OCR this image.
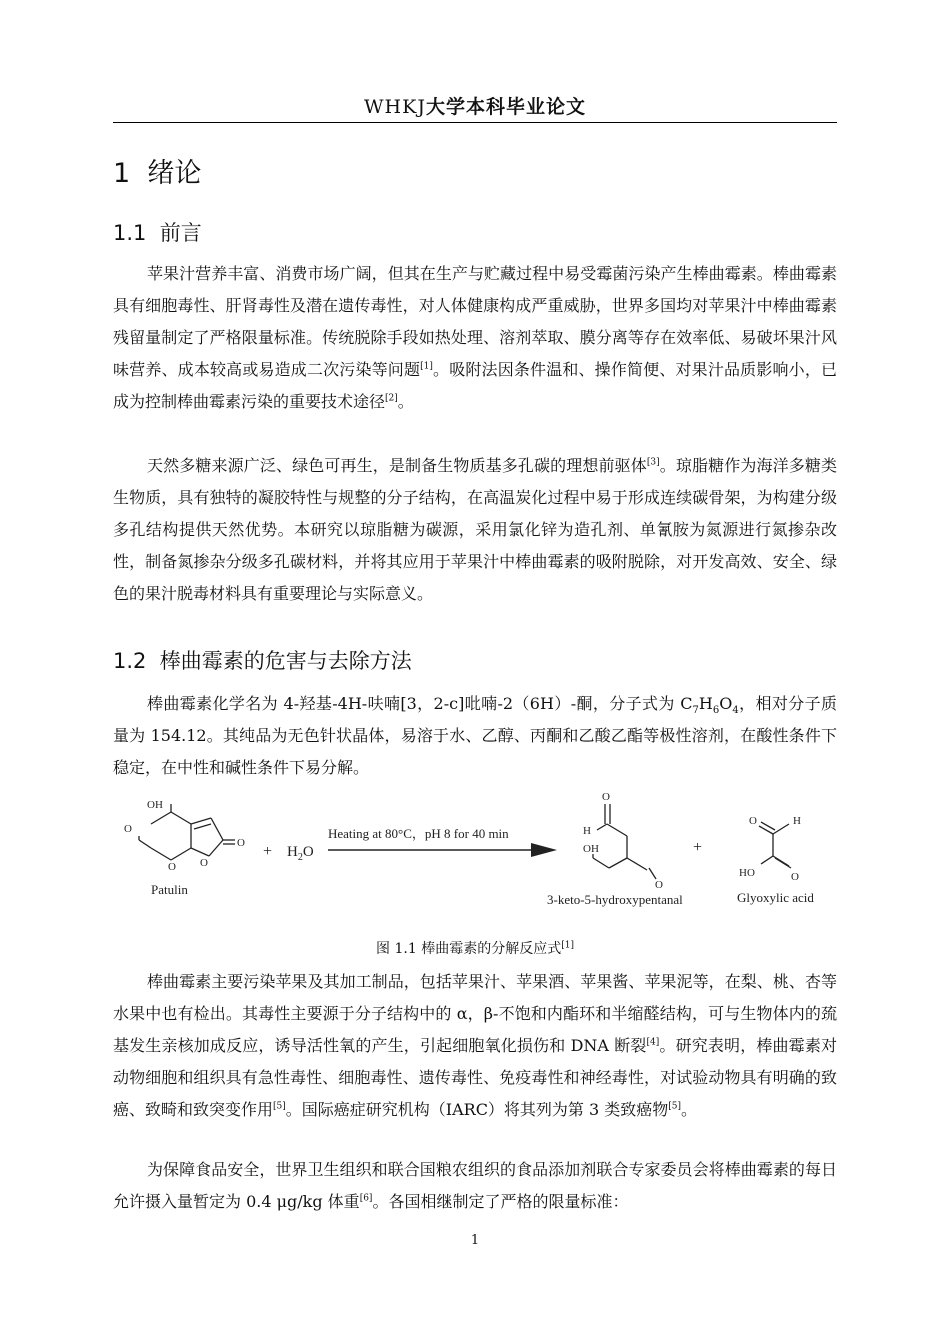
WHKJ大学本科毕业论文
1 绪论
1.1 前言

苹果汁营养丰富、消费市场广阔，但其在生产与贮藏过程中易受霉菌污染产生棒曲霉素。棒曲霉素具有细胞毒性、肝肾毒性及潜在遗传毒性，对人体健康构成严重威胁，世界多国均对苹果汁中棒曲霉素残留量制定了严格限量标准。传统脱除手段如热处理、溶剂萃取、膜分离等存在效率低、易破坏果汁风味营养、成本较高或易造成二次污染等问题[1]。吸附法因条件温和、操作简便、对果汁品质影响小，已成为控制棒曲霉素污染的重要技术途径[2]。

天然多糖来源广泛、绿色可再生，是制备生物质基多孔碳的理想前驱体[3]。琼脂糖作为海洋多糖类生物质，具有独特的凝胶特性与规整的分子结构，在高温炭化过程中易于形成连续碳骨架，为构建分级多孔结构提供天然优势。本研究以琼脂糖为碳源，采用氯化锌为造孔剂、单氰胺为氮源进行氮掺杂改性，制备氮掺杂分级多孔碳材料，并将其应用于苹果汁中棒曲霉素的吸附脱除，对开发高效、安全、绿色的果汁脱毒材料具有重要理论与实际意义。

1.2 棒曲霉素的危害与去除方法

棒曲霉素化学名为 4-羟基-4H-呋喃[3，2-c]吡喃-2（6H）-酮，分子式为 $C_7H_6O_4$，相对分子质量为 154.12。其纯品为无色针状晶体，易溶于水、乙醇、丙酮和乙酸乙酯等极性溶剂，在酸性条件下稳定，在中性和碱性条件下易分解。

OH
O
O O
O
Patulin
+ $H_2O$
Heating at 80°C，pH 8 for 40 min
O
H
OH
O
3-keto-5-hydroxypentanal
+
O	H
HO	O
Glyoxylic acid
图 1.1 棒曲霉素的分解反应式[1]

棒曲霉素主要污染苹果及其加工制品，包括苹果汁、苹果酒、苹果酱、苹果泥等，在梨、桃、杏等水果中也有检出。其毒性主要源于分子结构中的 α，β-不饱和内酯环和半缩醛结构，可与生物体内的巯基发生亲核加成反应，诱导活性氧的产生，引起细胞氧化损伤和 DNA 断裂[4]。研究表明，棒曲霉素对动物细胞和组织具有急性毒性、细胞毒性、遗传毒性、免疫毒性和神经毒性，对试验动物具有明确的致癌、致畸和致突变作用[5]。国际癌症研究机构（IARC）将其列为第 3 类致癌物[5]。

为保障食品安全，世界卫生组织和联合国粮农组织的食品添加剂联合专家委员会将棒曲霉素的每日允许摄入量暂定为 0.4 μg/kg 体重[6]。各国相继制定了严格的限量标准：

1
